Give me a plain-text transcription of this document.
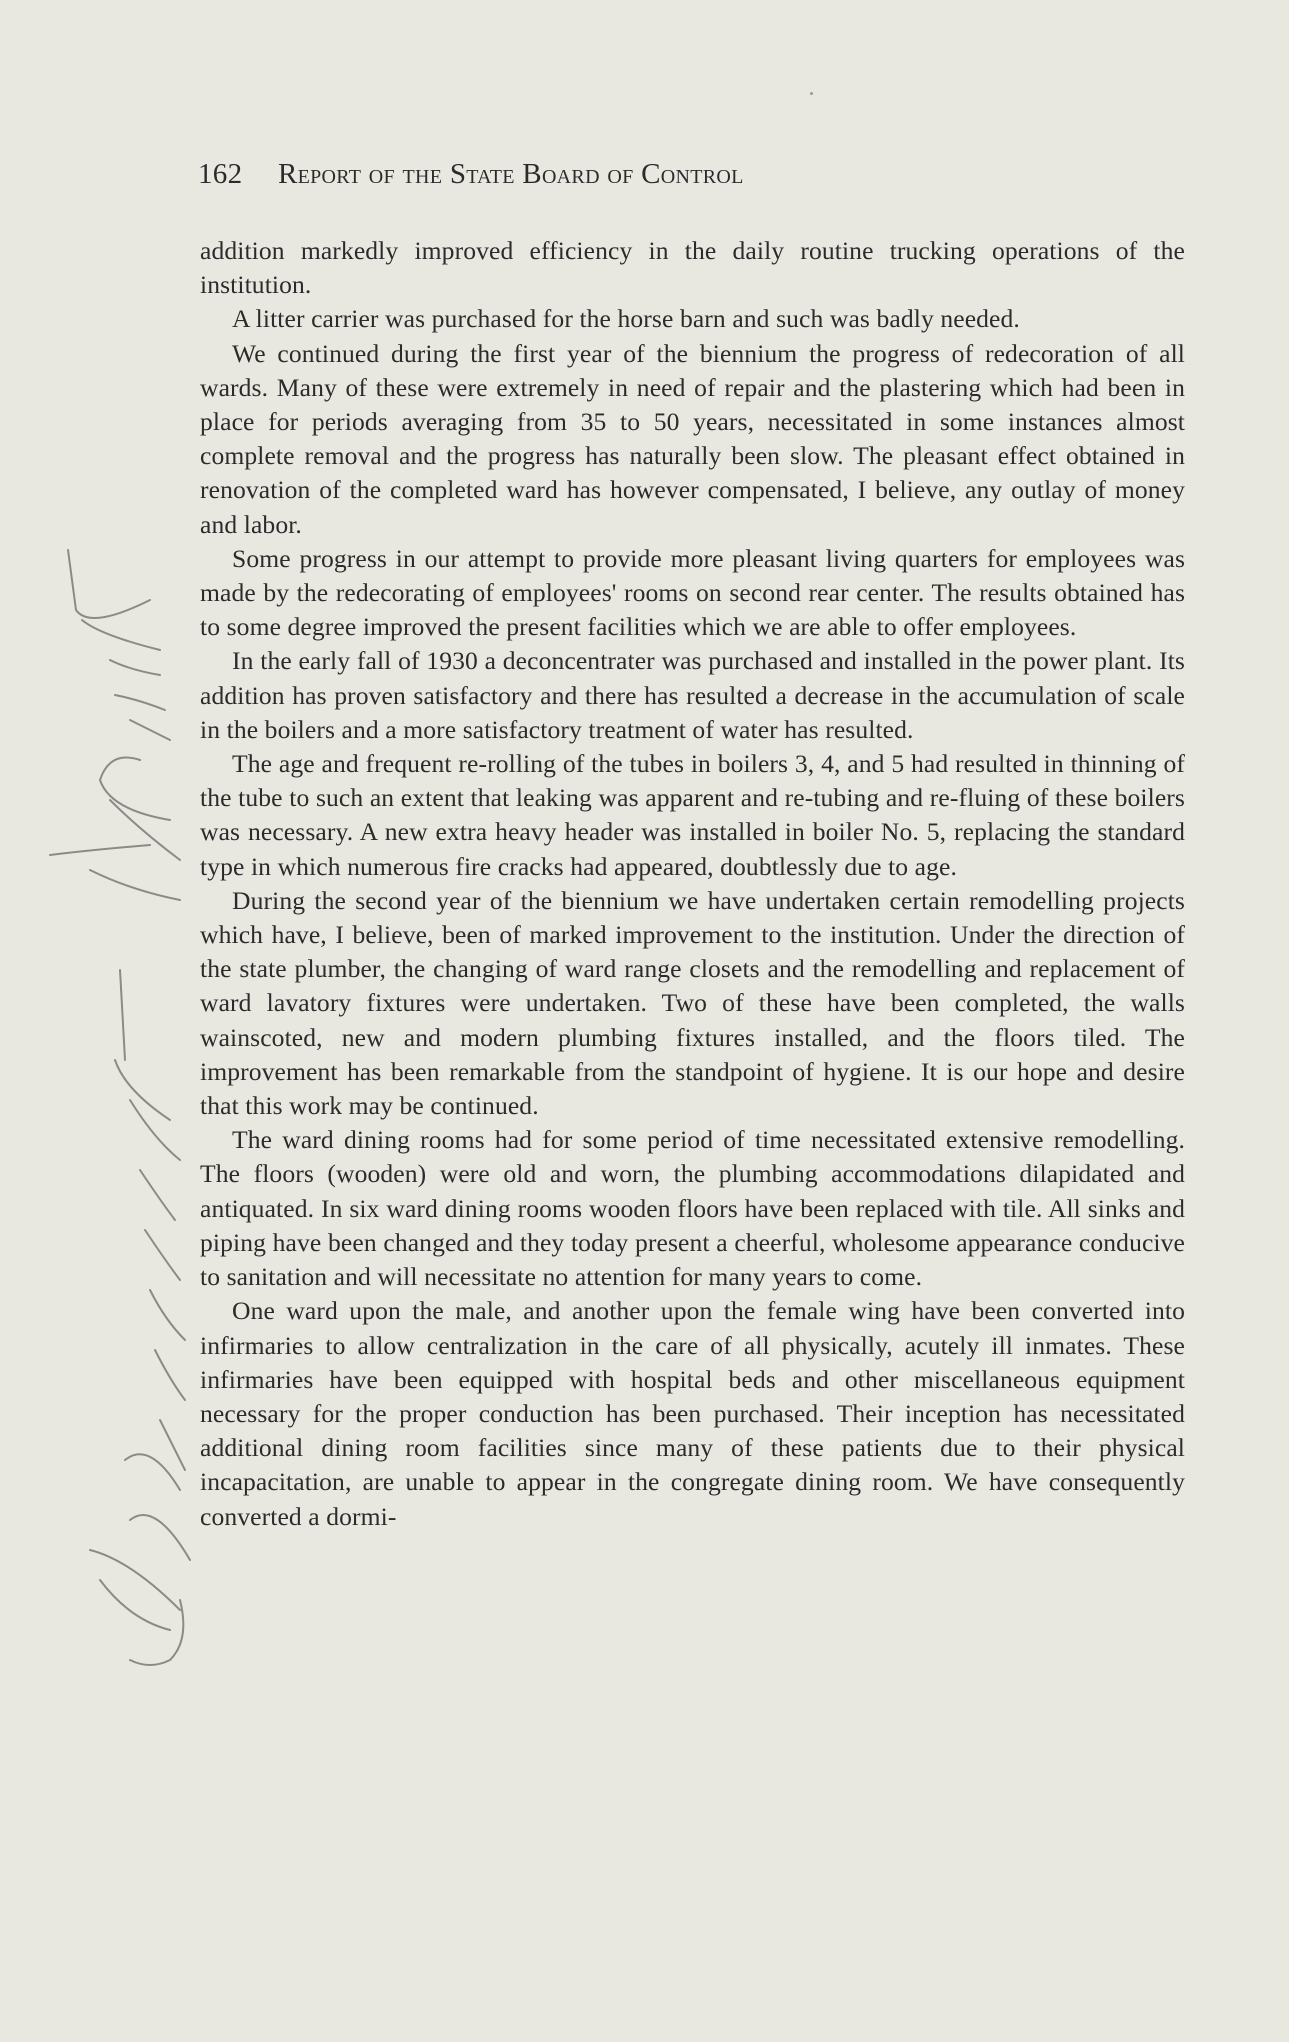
162 Report of the State Board of Control

addition markedly improved efficiency in the daily routine trucking operations of the institution.

A litter carrier was purchased for the horse barn and such was badly needed.

We continued during the first year of the biennium the progress of redecoration of all wards. Many of these were extremely in need of repair and the plastering which had been in place for periods averaging from 35 to 50 years, necessitated in some instances almost complete removal and the progress has naturally been slow. The pleasant effect obtained in renovation of the completed ward has however compensated, I believe, any outlay of money and labor.

Some progress in our attempt to provide more pleasant living quarters for employees was made by the redecorating of employees' rooms on second rear center. The results obtained has to some degree improved the present facilities which we are able to offer employees.

In the early fall of 1930 a deconcentrater was purchased and installed in the power plant. Its addition has proven satisfactory and there has resulted a decrease in the accumulation of scale in the boilers and a more satisfactory treatment of water has resulted.

The age and frequent re-rolling of the tubes in boilers 3, 4, and 5 had resulted in thinning of the tube to such an extent that leaking was apparent and re-tubing and re-fluing of these boilers was necessary. A new extra heavy header was installed in boiler No. 5, replacing the standard type in which numerous fire cracks had appeared, doubtlessly due to age.

During the second year of the biennium we have undertaken certain remodelling projects which have, I believe, been of marked improvement to the institution. Under the direction of the state plumber, the changing of ward range closets and the remodelling and replacement of ward lavatory fixtures were undertaken. Two of these have been completed, the walls wainscoted, new and modern plumbing fixtures installed, and the floors tiled. The improvement has been remarkable from the standpoint of hygiene. It is our hope and desire that this work may be continued.

The ward dining rooms had for some period of time necessitated extensive remodelling. The floors (wooden) were old and worn, the plumbing accommodations dilapidated and antiquated. In six ward dining rooms wooden floors have been replaced with tile. All sinks and piping have been changed and they today present a cheerful, wholesome appearance conducive to sanitation and will necessitate no attention for many years to come.

One ward upon the male, and another upon the female wing have been converted into infirmaries to allow centralization in the care of all physically, acutely ill inmates. These infirmaries have been equipped with hospital beds and other miscellaneous equipment necessary for the proper conduction has been purchased. Their inception has necessitated additional dining room facilities since many of these patients due to their physical incapacitation, are unable to appear in the congregate dining room. We have consequently converted a dormi-
